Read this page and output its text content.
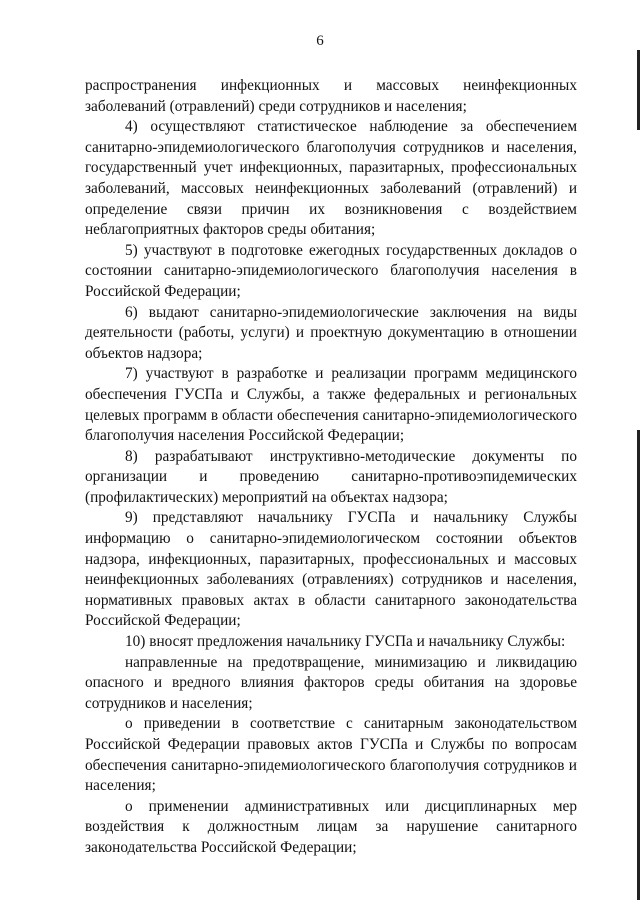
6

распространения инфекционных и массовых неинфекционных заболеваний (отравлений) среди сотрудников и населения;

4) осуществляют статистическое наблюдение за обеспечением санитарно-эпидемиологического благополучия сотрудников и населения, государственный учет инфекционных, паразитарных, профессиональных заболеваний, массовых неинфекционных заболеваний (отравлений) и определение связи причин их возникновения с воздействием неблагоприятных факторов среды обитания;

5) участвуют в подготовке ежегодных государственных докладов о состоянии санитарно-эпидемиологического благополучия населения в Российской Федерации;

6) выдают санитарно-эпидемиологические заключения на виды деятельности (работы, услуги) и проектную документацию в отношении объектов надзора;

7) участвуют в разработке и реализации программ медицинского обеспечения ГУСПа и Службы, а также федеральных и региональных целевых программ в области обеспечения санитарно-эпидемиологического благополучия населения Российской Федерации;

8) разрабатывают инструктивно-методические документы по организации и проведению санитарно-противоэпидемических (профилактических) мероприятий на объектах надзора;

9) представляют начальнику ГУСПа и начальнику Службы информацию о санитарно-эпидемиологическом состоянии объектов надзора, инфекционных, паразитарных, профессиональных и массовых неинфекционных заболеваниях (отравлениях) сотрудников и населения, нормативных правовых актах в области санитарного законодательства Российской Федерации;

10) вносят предложения начальнику ГУСПа и начальнику Службы:

направленные на предотвращение, минимизацию и ликвидацию опасного и вредного влияния факторов среды обитания на здоровье сотрудников и населения;

о приведении в соответствие с санитарным законодательством Российской Федерации правовых актов ГУСПа и Службы по вопросам обеспечения санитарно-эпидемиологического благополучия сотрудников и населения;

о применении административных или дисциплинарных мер воздействия к должностным лицам за нарушение санитарного законодательства Российской Федерации;
